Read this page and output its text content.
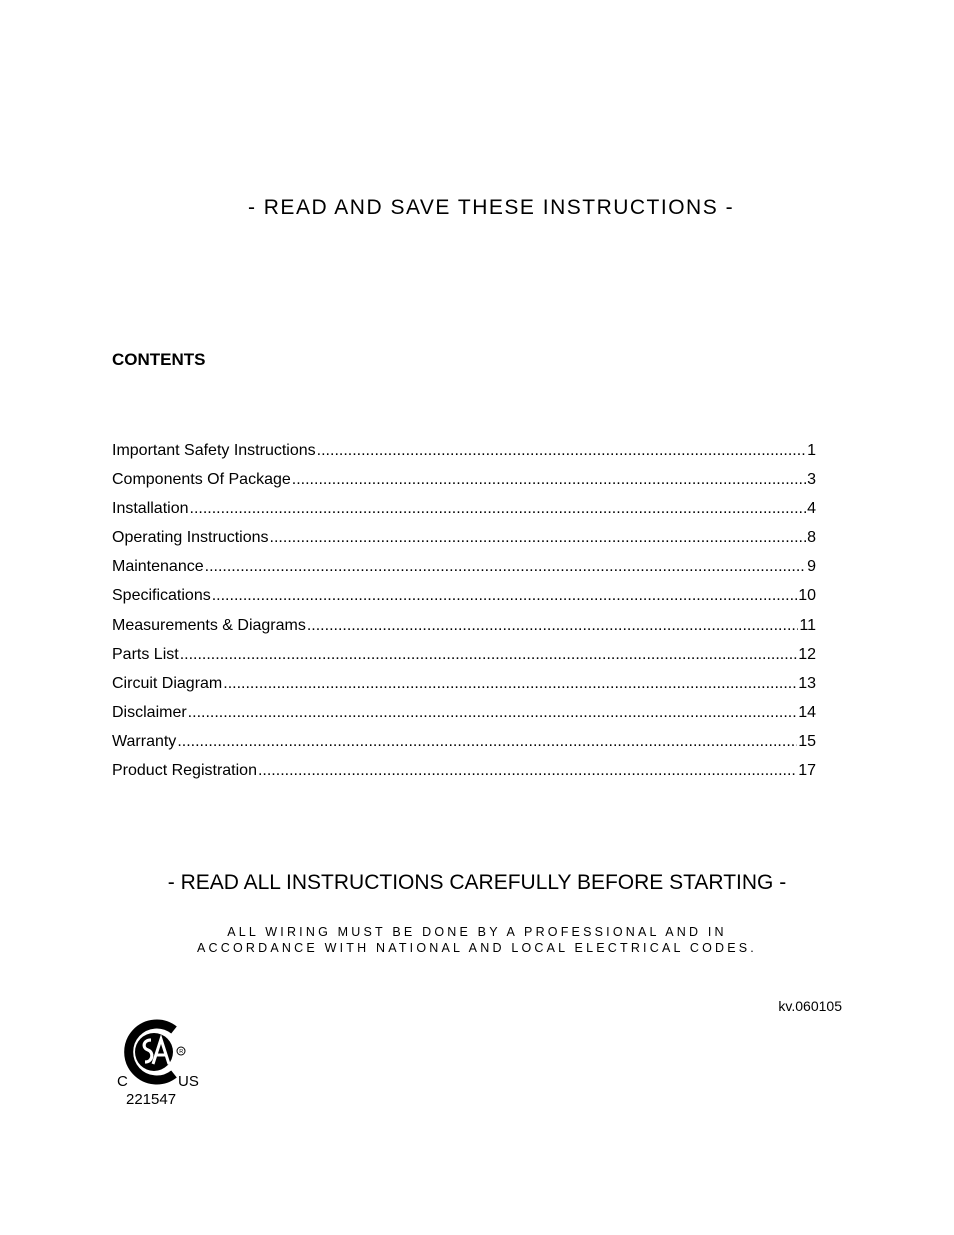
- READ AND SAVE THESE INSTRUCTIONS -
CONTENTS
Important Safety Instructions .....	1
Components Of Package .....	3
Installation .....	4
Operating Instructions .....	8
Maintenance .....	9
Specifications .....	10
Measurements & Diagrams .....	11
Parts List .....	12
Circuit Diagram .....	13
Disclaimer .....	14
Warranty .....	15
Product Registration .....	17
- READ ALL INSTRUCTIONS CAREFULLY BEFORE STARTING -
ALL WIRING MUST BE DONE BY A PROFESSIONAL AND IN
ACCORDANCE WITH NATIONAL AND LOCAL ELECTRICAL CODES.
kv.060105
R
C	US
221547
